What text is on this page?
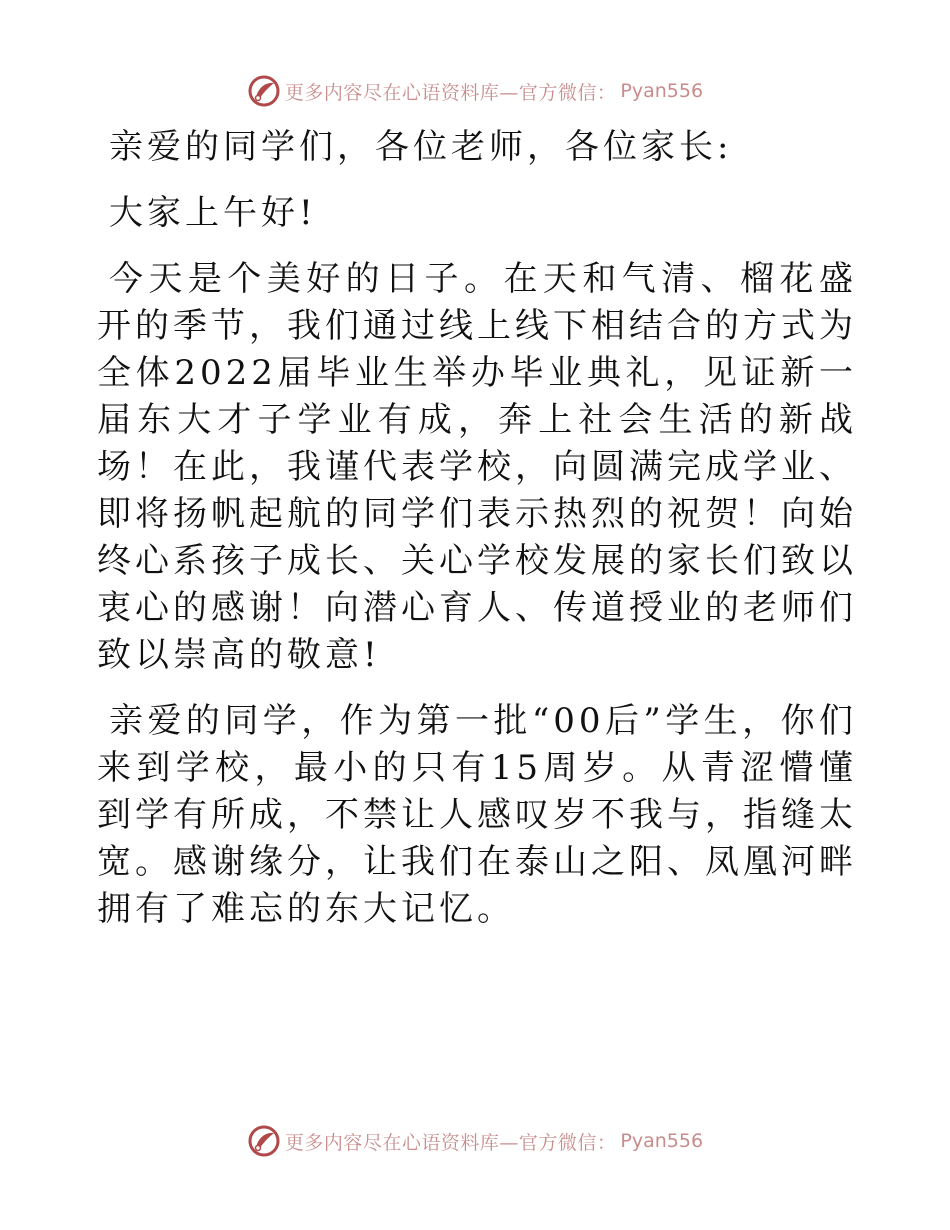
更多内容尽在心语资料库—官方微信： Pyan556

亲爱的同学们，各位老师，各位家长:

大家上午好!

今天是个美好的日子。在天和气清、榴花盛开的季节，我们通过线上线下相结合的方式为全体2022届毕业生举办毕业典礼，见证新一届东大才子学业有成，奔上社会生活的新战场！在此，我谨代表学校，向圆满完成学业、即将扬帆起航的同学们表示热烈的祝贺！向始终心系孩子成长、关心学校发展的家长们致以衷心的感谢！向潜心育人、传道授业的老师们致以崇高的敬意!

亲爱的同学，作为第一批“00后”学生，你们来到学校，最小的只有15周岁。从青涩懵懂到学有所成，不禁让人感叹岁不我与，指缝太宽。感谢缘分，让我们在泰山之阳、凤凰河畔拥有了难忘的东大记忆。

更多内容尽在心语资料库—官方微信： Pyan556
